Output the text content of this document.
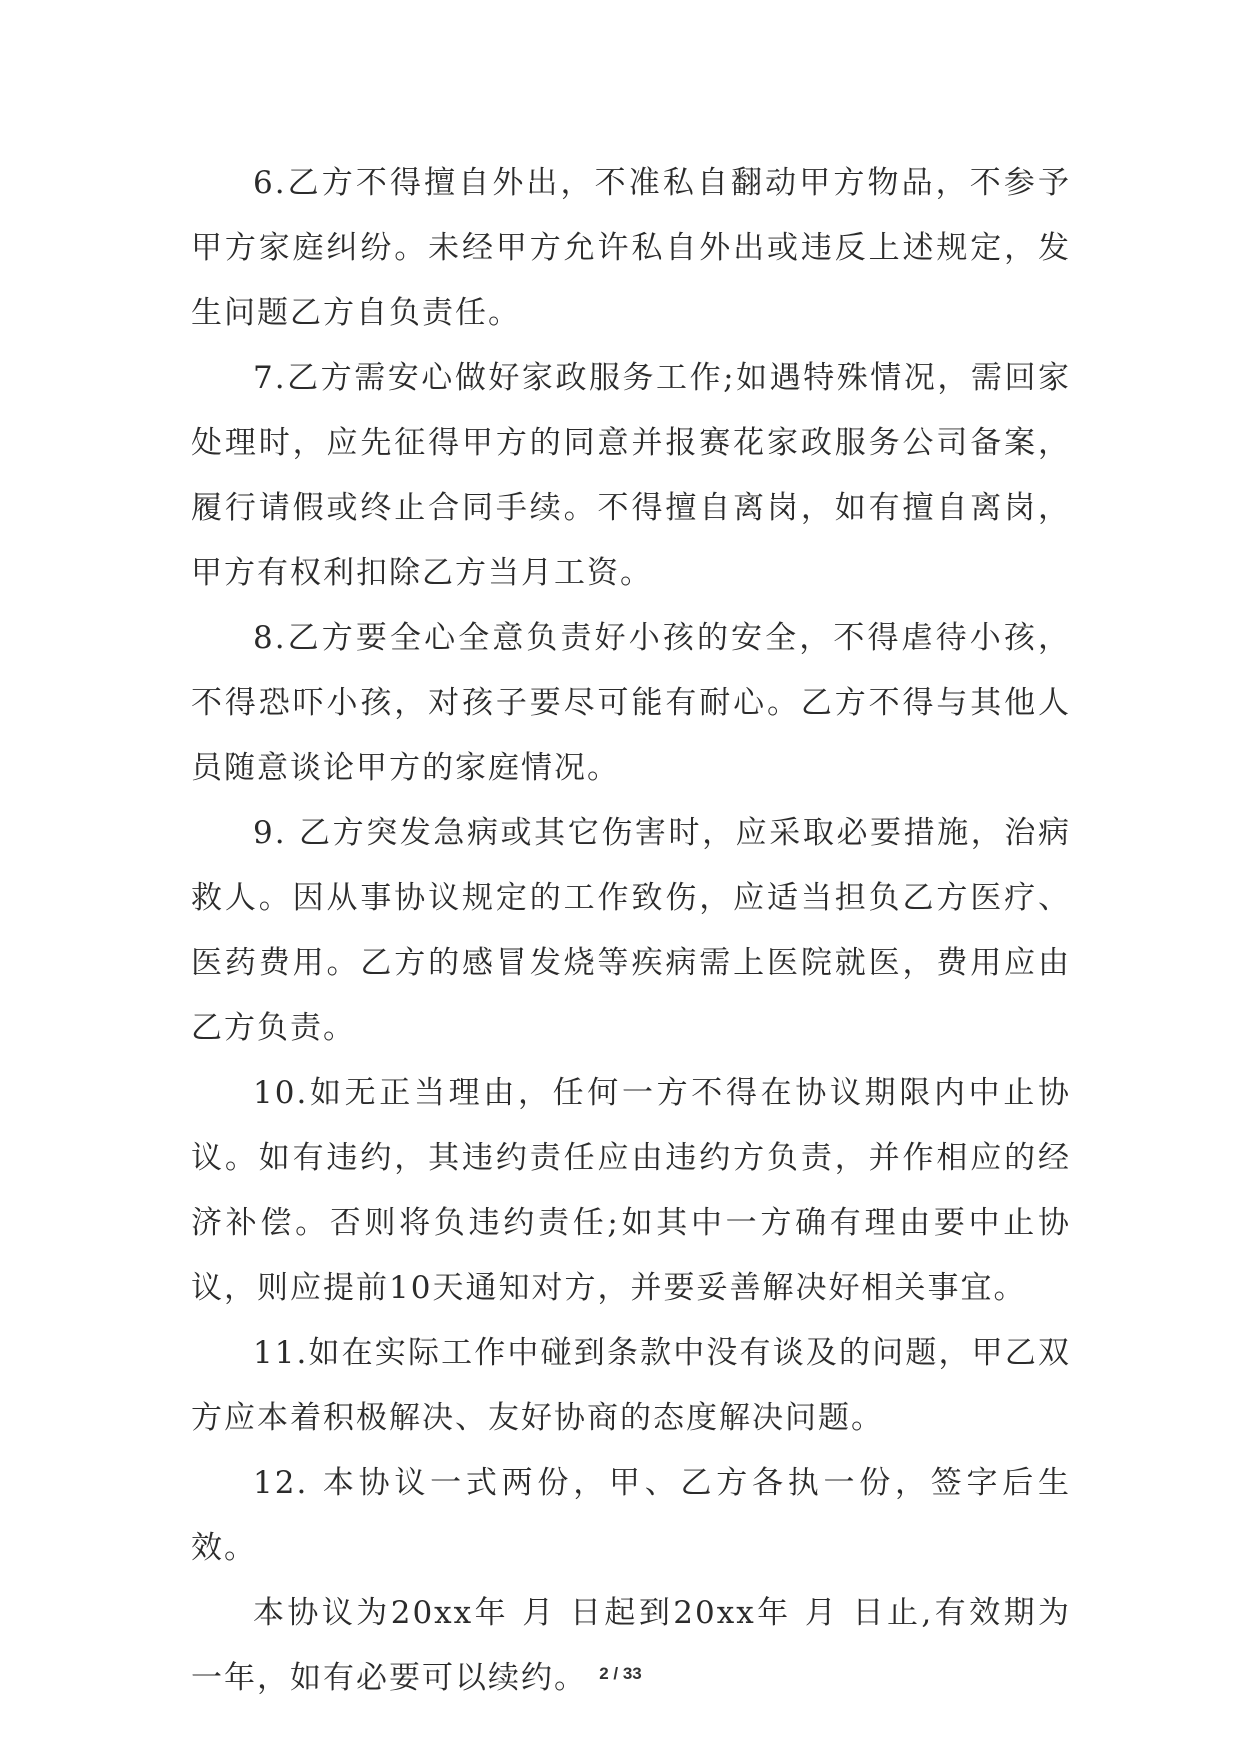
6.乙方不得擅自外出，不准私自翻动甲方物品，不参予甲方家庭纠纷。未经甲方允许私自外出或违反上述规定，发生问题乙方自负责任。

7.乙方需安心做好家政服务工作;如遇特殊情况，需回家处理时，应先征得甲方的同意并报赛花家政服务公司备案，履行请假或终止合同手续。不得擅自离岗，如有擅自离岗，甲方有权利扣除乙方当月工资。

8.乙方要全心全意负责好小孩的安全，不得虐待小孩，不得恐吓小孩，对孩子要尽可能有耐心。乙方不得与其他人员随意谈论甲方的家庭情况。

9. 乙方突发急病或其它伤害时，应采取必要措施，治病救人。因从事协议规定的工作致伤，应适当担负乙方医疗、医药费用。乙方的感冒发烧等疾病需上医院就医，费用应由乙方负责。

10.如无正当理由，任何一方不得在协议期限内中止协议。如有违约，其违约责任应由违约方负责，并作相应的经济补偿。否则将负违约责任;如其中一方确有理由要中止协议，则应提前10天通知对方，并要妥善解决好相关事宜。

11.如在实际工作中碰到条款中没有谈及的问题，甲乙双方应本着积极解决、友好协商的态度解决问题。

12. 本协议一式两份，甲、乙方各执一份，签字后生效。

本协议为20xx年 月 日起到20xx年 月 日止,有效期为一年，如有必要可以续约。 2 / 33
